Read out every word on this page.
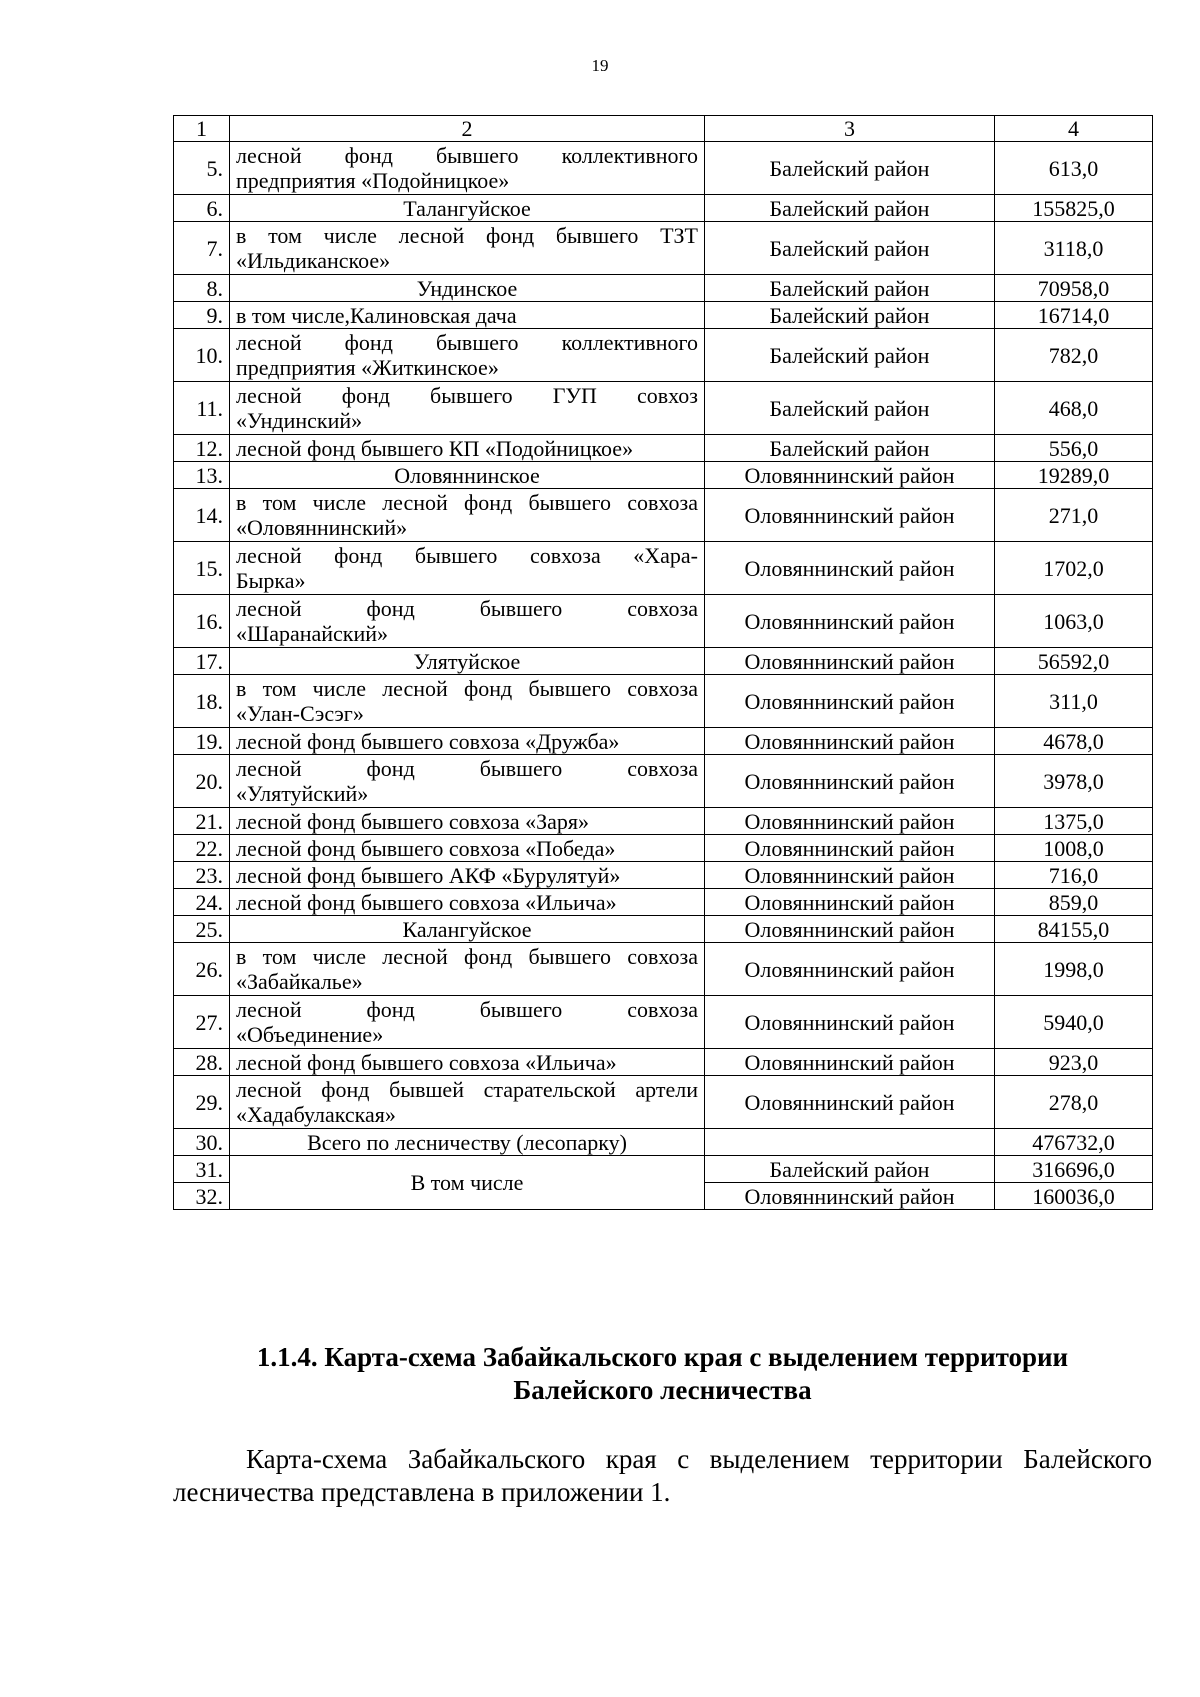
19
1	2	3	4
5.	лесной фонд бывшего коллективного
предприятия «Подойницкое»	Балейский район	613,0
6.	Талангуйское	Балейский район	155825,0
7.	в том числе лесной фонд бывшего ТЗТ
«Ильдиканское»	Балейский район	3118,0
8.	Ундинское	Балейский район	70958,0
9.	в том числе,Калиновская дача	Балейский район	16714,0
10.	лесной фонд бывшего коллективного
предприятия «Житкинское»	Балейский район	782,0
11.	лесной фонд бывшего ГУП совхоз
«Ундинский»	Балейский район	468,0
12.	лесной фонд бывшего КП «Подойницкое»	Балейский район	556,0
13.	Оловяннинское	Оловяннинский район	19289,0
14.	в том числе лесной фонд бывшего совхоза
«Оловяннинский»	Оловяннинский район	271,0
15.	лесной фонд бывшего совхоза «Хара-
Бырка»	Оловяннинский район	1702,0
16.	лесной фонд бывшего совхоза
«Шаранайский»	Оловяннинский район	1063,0
17.	Улятуйское	Оловяннинский район	56592,0
18.	в том числе лесной фонд бывшего совхоза
«Улан-Сэсэг»	Оловяннинский район	311,0
19.	лесной фонд бывшего совхоза «Дружба»	Оловяннинский район	4678,0
20.	лесной фонд бывшего совхоза
«Улятуйский»	Оловяннинский район	3978,0
21.	лесной фонд бывшего совхоза «Заря»	Оловяннинский район	1375,0
22.	лесной фонд бывшего совхоза «Победа»	Оловяннинский район	1008,0
23.	лесной фонд бывшего АКФ «Бурулятуй»	Оловяннинский район	716,0
24.	лесной фонд бывшего совхоза «Ильича»	Оловяннинский район	859,0
25.	Калангуйское	Оловяннинский район	84155,0
26.	в том числе лесной фонд бывшего совхоза
«Забайкалье»	Оловяннинский район	1998,0
27.	лесной фонд бывшего совхоза
«Объединение»	Оловяннинский район	5940,0
28.	лесной фонд бывшего совхоза «Ильича»	Оловяннинский район	923,0
29.	лесной фонд бывшей старательской артели
«Хадабулакская»	Оловяннинский район	278,0
30.	Всего по лесничеству (лесопарку)		476732,0
31.	В том числе	Балейский район	316696,0
32.		Оловяннинский район	160036,0
1.1.4. Карта-схема Забайкальского края с выделением территории
Балейского лесничества
Карта-схема Забайкальского края с выделением территории Балейского лесничества представлена в приложении 1.
